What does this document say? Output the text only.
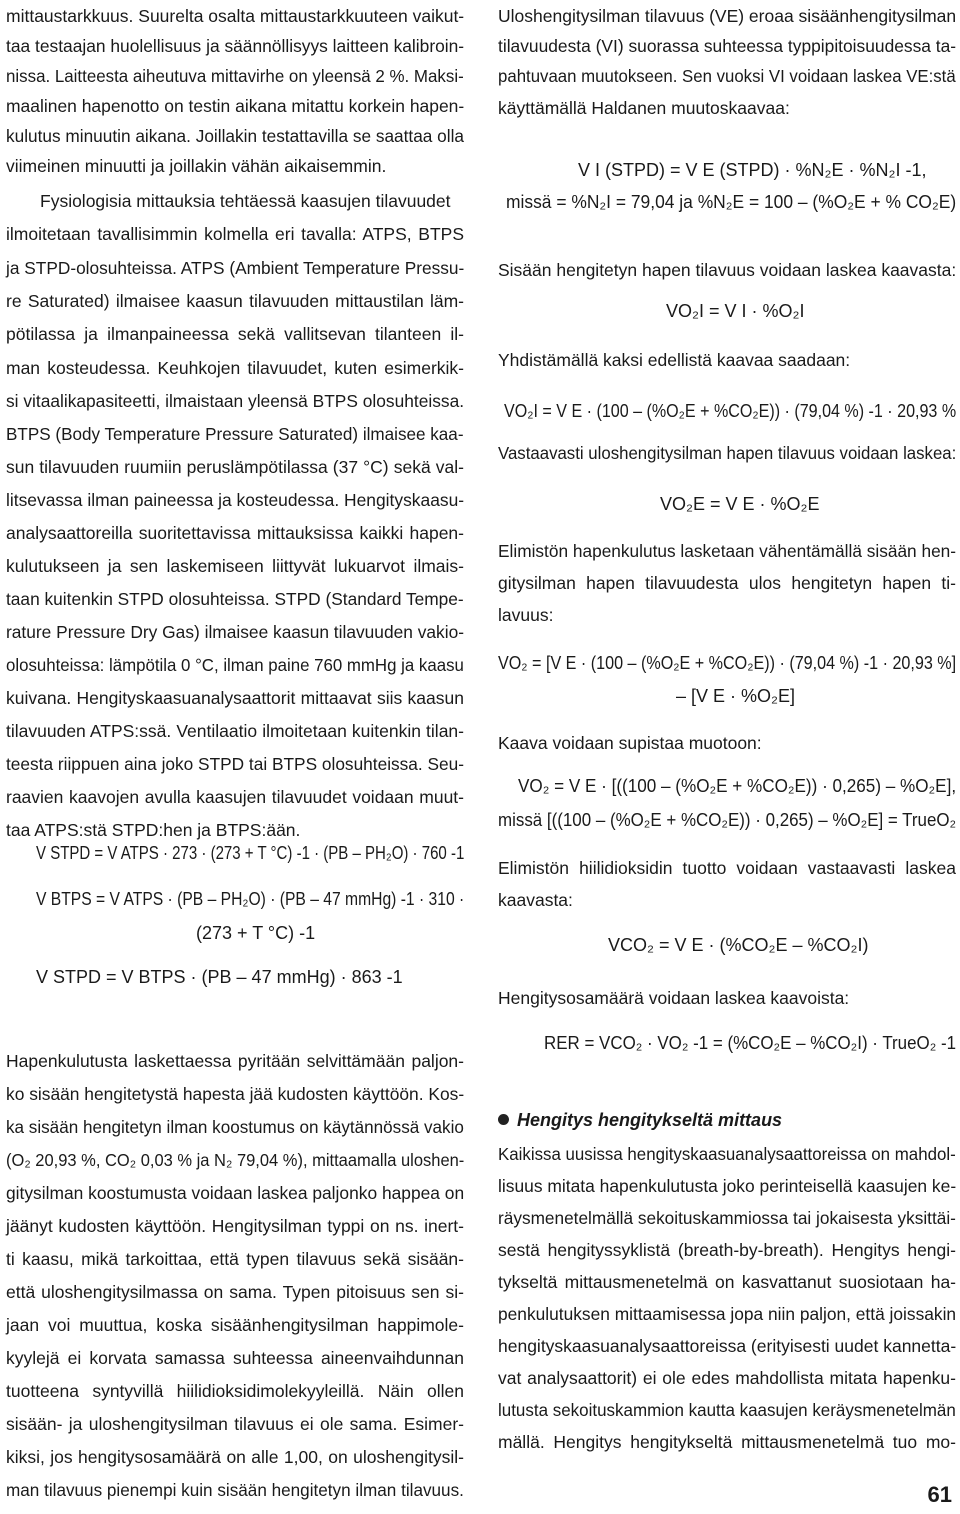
mittaustarkkuus. Suurelta osalta mittaustarkkuuteen vaikut-
taa testaajan huolellisuus ja säännöllisyys laitteen kalibroin-
nissa. Laitteesta aiheutuva mittavirhe on yleensä 2 %. Maksi-
maalinen hapenotto on testin aikana mitattu korkein hapen-
kulutus minuutin aikana. Joillakin testattavilla se saattaa olla
viimeinen minuutti ja joillakin vähän aikaisemmin.
Fysiologisia mittauksia tehtäessä kaasujen tilavuudet
ilmoitetaan tavallisimmin kolmella eri tavalla: ATPS, BTPS
ja STPD-olosuhteissa. ATPS (Ambient Temperature Pressu-
re Saturated) ilmaisee kaasun tilavuuden mittaustilan läm-
pötilassa ja ilmanpaineessa sekä vallitsevan tilanteen il-
man kosteudessa. Keuhkojen tilavuudet, kuten esimerkik-
si vitaalikapasiteetti, ilmaistaan yleensä BTPS olosuhteissa.
BTPS (Body Temperature Pressure Saturated) ilmaisee kaa-
sun tilavuuden ruumiin peruslämpötilassa (37 °C) sekä val-
litsevassa ilman paineessa ja kosteudessa. Hengityskaasu-
analysaattoreilla suoritettavissa mittauksissa kaikki hapen-
kulutukseen ja sen laskemiseen liittyvät lukuarvot ilmais-
taan kuitenkin STPD olosuhteissa. STPD (Standard Tempe-
rature Pressure Dry Gas) ilmaisee kaasun tilavuuden vakio-
olosuhteissa: lämpötila 0 °C, ilman paine 760 mmHg ja kaasu
kuivana. Hengityskaasuanalysaattorit mittaavat siis kaasun
tilavuuden ATPS:ssä. Ventilaatio ilmoitetaan kuitenkin tilan-
teesta riippuen aina joko STPD tai BTPS olosuhteissa. Seu-
raavien kaavojen avulla kaasujen tilavuudet voidaan muut-
taa ATPS:stä STPD:hen ja BTPS:ään.
Hapenkulutusta laskettaessa pyritään selvittämään paljon-
ko sisään hengitetystä hapesta jää kudosten käyttöön. Kos-
ka sisään hengitetyn ilman koostumus on käytännössä vakio
(O₂ 20,93 %, CO₂ 0,03 % ja N₂ 79,04 %), mittaamalla uloshen-
gitysilman koostumusta voidaan laskea paljonko happea on
jäänyt kudosten käyttöön. Hengitysilman typpi on ns. inert-
ti kaasu, mikä tarkoittaa, että typen tilavuus sekä sisään-
että uloshengitysilmassa on sama. Typen pitoisuus sen si-
jaan voi muuttua, koska sisäänhengitysilman happimole-
kyylejä ei korvata samassa suhteessa aineenvaihdunnan
tuotteena syntyvillä hiilidioksidimolekyyleillä. Näin ollen
sisään- ja uloshengitysilman tilavuus ei ole sama. Esimer-
kiksi, jos hengitysosamäärä on alle 1,00, on uloshengitysil-
man tilavuus pienempi kuin sisään hengitetyn ilman tilavuus.
V STPD = V ATPS · 273 · (273 + T °C) -1 · (PB – PH₂O) · 760 -1
V BTPS = V ATPS · (PB – PH₂O) · (PB – 47 mmHg) -1 · 310 ·
(273 + T °C) -1
V STPD = V BTPS · (PB – 47 mmHg) · 863 -1
Hengitys hengitykseltä mittaus
Uloshengitysilman tilavuus (VE) eroaa sisäänhengitysilman
tilavuudesta (VI) suorassa suhteessa typpipitoisuudessa ta-
pahtuvaan muutokseen. Sen vuoksi VI voidaan laskea VE:stä
käyttämällä Haldanen muutoskaavaa:
Sisään hengitetyn hapen tilavuus voidaan laskea kaavasta:
Yhdistämällä kaksi edellistä kaavaa saadaan:
Vastaavasti uloshengitysilman hapen tilavuus voidaan laskea:
Elimistön hapenkulutus lasketaan vähentämällä sisään hen-
gitysilman hapen tilavuudesta ulos hengitetyn hapen ti-
lavuus:
Kaava voidaan supistaa muotoon:
Elimistön hiilidioksidin tuotto voidaan vastaavasti laskea
kaavasta:
Hengitysosamäärä voidaan laskea kaavoista:
Kaikissa uusissa hengityskaasuanalysaattoreissa on mahdol-
lisuus mitata hapenkulutusta joko perinteisellä kaasujen ke-
räysmenetelmällä sekoituskammiossa tai jokaisesta yksittäi-
sestä hengityssyklistä (breath-by-breath). Hengitys hengi-
tykseltä mittausmenetelmä on kasvattanut suosiotaan ha-
penkulutuksen mittaamisessa jopa niin paljon, että joissakin
hengityskaasuanalysaattoreissa (erityisesti uudet kannetta-
vat analysaattorit) ei ole edes mahdollista mitata hapenku-
lutusta sekoituskammion kautta kaasujen keräysmenetelmän
mällä. Hengitys hengitykseltä mittausmenetelmä tuo mo-
V I (STPD) = V E (STPD) · %N₂E · %N₂I -1,
missä = %N₂I = 79,04 ja %N₂E = 100 – (%O₂E + % CO₂E)
VO₂I = V I · %O₂I
VO₂I = V E · (100 – (%O₂E + %CO₂E)) · (79,04 %) -1 · 20,93 %
VO₂E = V E · %O₂E
VO₂ = [V E · (100 – (%O₂E + %CO₂E)) · (79,04 %) -1 · 20,93 %]
– [V E · %O₂E]
VO₂ = V E · [((100 – (%O₂E + %CO₂E)) · 0,265) – %O₂E],
missä [((100 – (%O₂E + %CO₂E)) · 0,265) – %O₂E] = TrueO₂
VCO₂ = V E · (%CO₂E – %CO₂I)
RER = VCO₂ · VO₂ -1 = (%CO₂E – %CO₂I) · TrueO₂ -1
61
